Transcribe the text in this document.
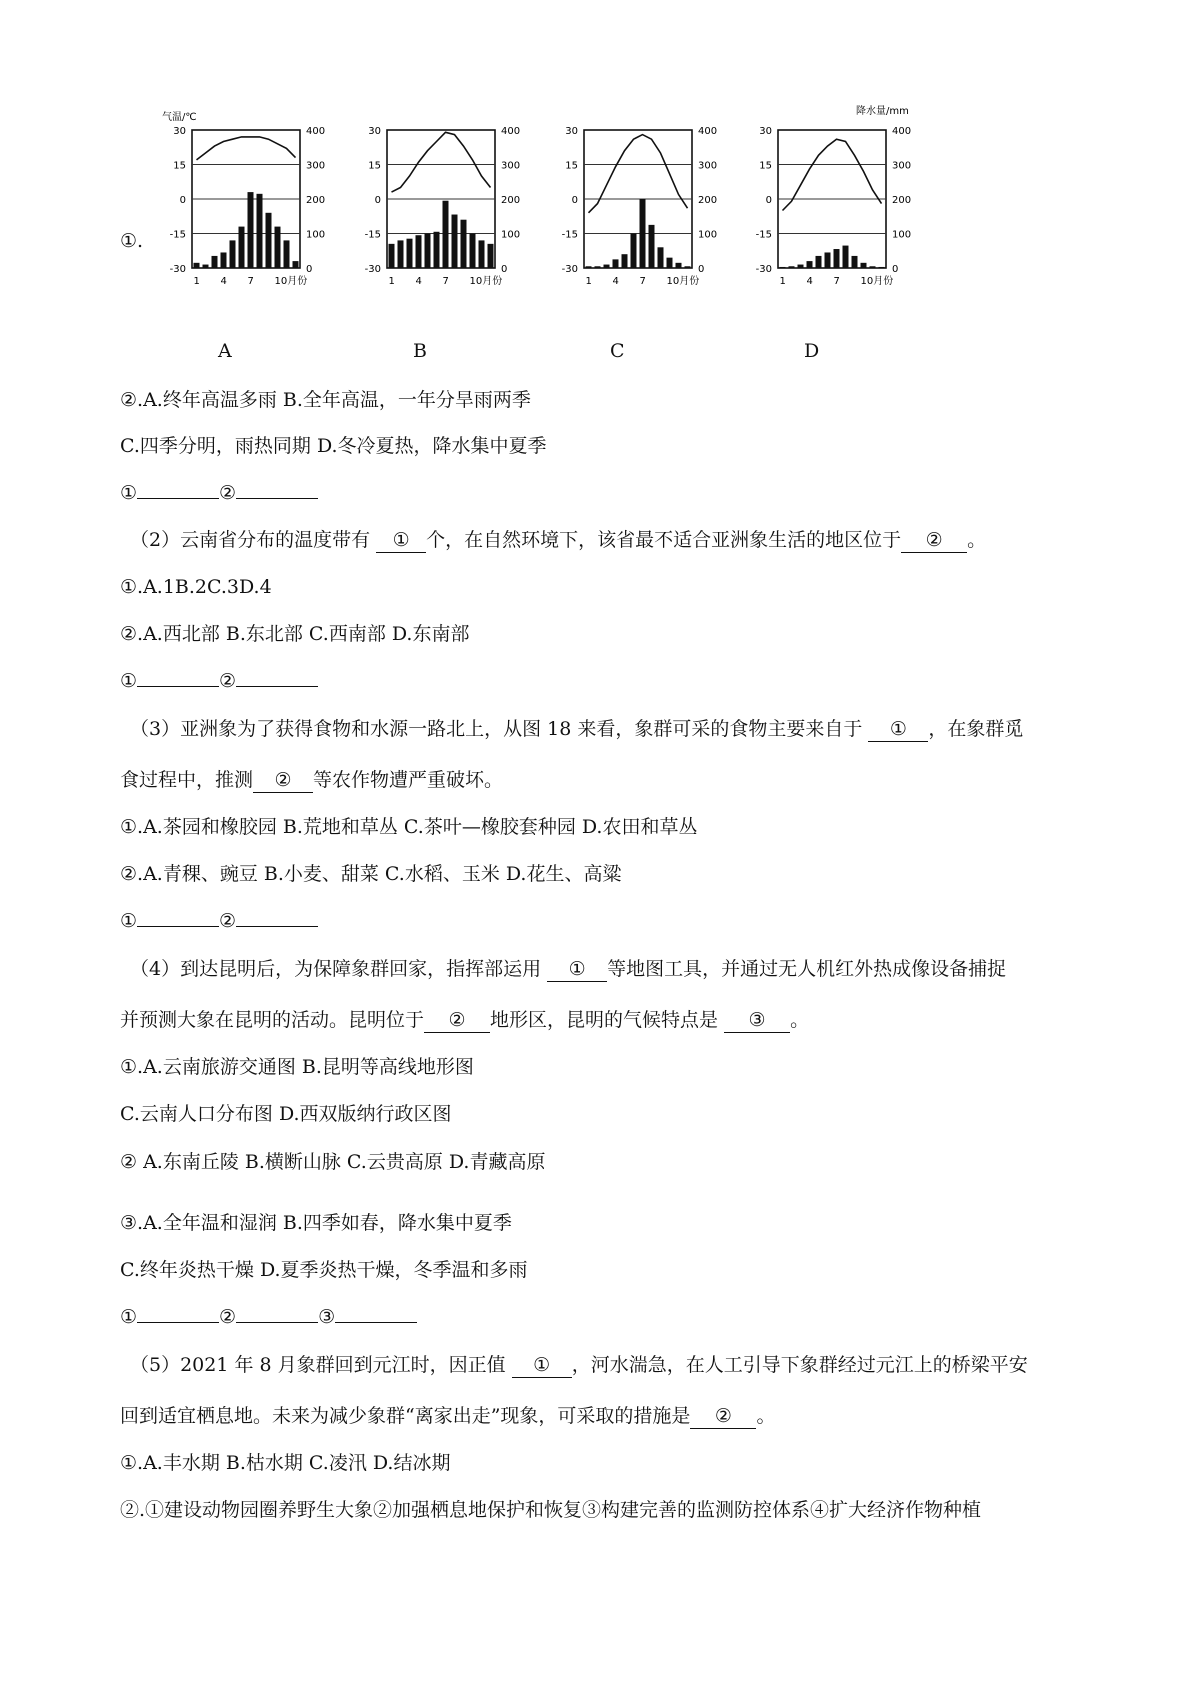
①.
气温/℃
30	400
15	300
0	200
-15	100
-30	0
1 4 7 10月份
A
30	400
15	300
0	200
-15	100
-30	0
1 4 7 10月份
B
30	400
15	300
0	200
-15	100
-30	0
1 4 7 10月份
C
降水量/mm
30	400
15	300
0	200
-15	100
-30	0
1 4 7 10月份
D
②.A.终年高温多雨 B.全年高温，一年分旱雨两季
C.四季分明，雨热同期 D.冬冷夏热，降水集中夏季
①	②
（2）云南省分布的温度带有 ① 个，在自然环境下，该省最不适合亚洲象生活的地区位于 ② 。
①.A.1B.2C.3D.4
②.A.西北部 B.东北部 C.西南部 D.东南部
①	②
（3）亚洲象为了获得食物和水源一路北上，从图 18 来看，象群可采的食物主要来自于 ① ，在象群觅
食过程中，推测 ② 等农作物遭严重破坏。
①.A.茶园和橡胶园 B.荒地和草丛 C.茶叶—橡胶套种园 D.农田和草丛
②.A.青稞、豌豆 B.小麦、甜菜 C.水稻、玉米 D.花生、高粱
①	②
（4）到达昆明后，为保障象群回家，指挥部运用 ① 等地图工具，并通过无人机红外热成像设备捕捉
并预测大象在昆明的活动。昆明位于 ② 地形区，昆明的气候特点是 ③ 。
①.A.云南旅游交通图 B.昆明等高线地形图
C.云南人口分布图 D.西双版纳行政区图
② A.东南丘陵 B.横断山脉 C.云贵高原 D.青藏高原
③.A.全年温和湿润 B.四季如春，降水集中夏季
C.终年炎热干燥 D.夏季炎热干燥，冬季温和多雨
①	②	③
（5）2021 年 8 月象群回到元江时，因正值 ① ，河水湍急，在人工引导下象群经过元江上的桥梁平安
回到适宜栖息地。未来为减少象群“离家出走”现象，可采取的措施是 ② 。
①.A.丰水期 B.枯水期 C.凌汛 D.结冰期
②.①建设动物园圈养野生大象②加强栖息地保护和恢复③构建完善的监测防控体系④扩大经济作物种植
